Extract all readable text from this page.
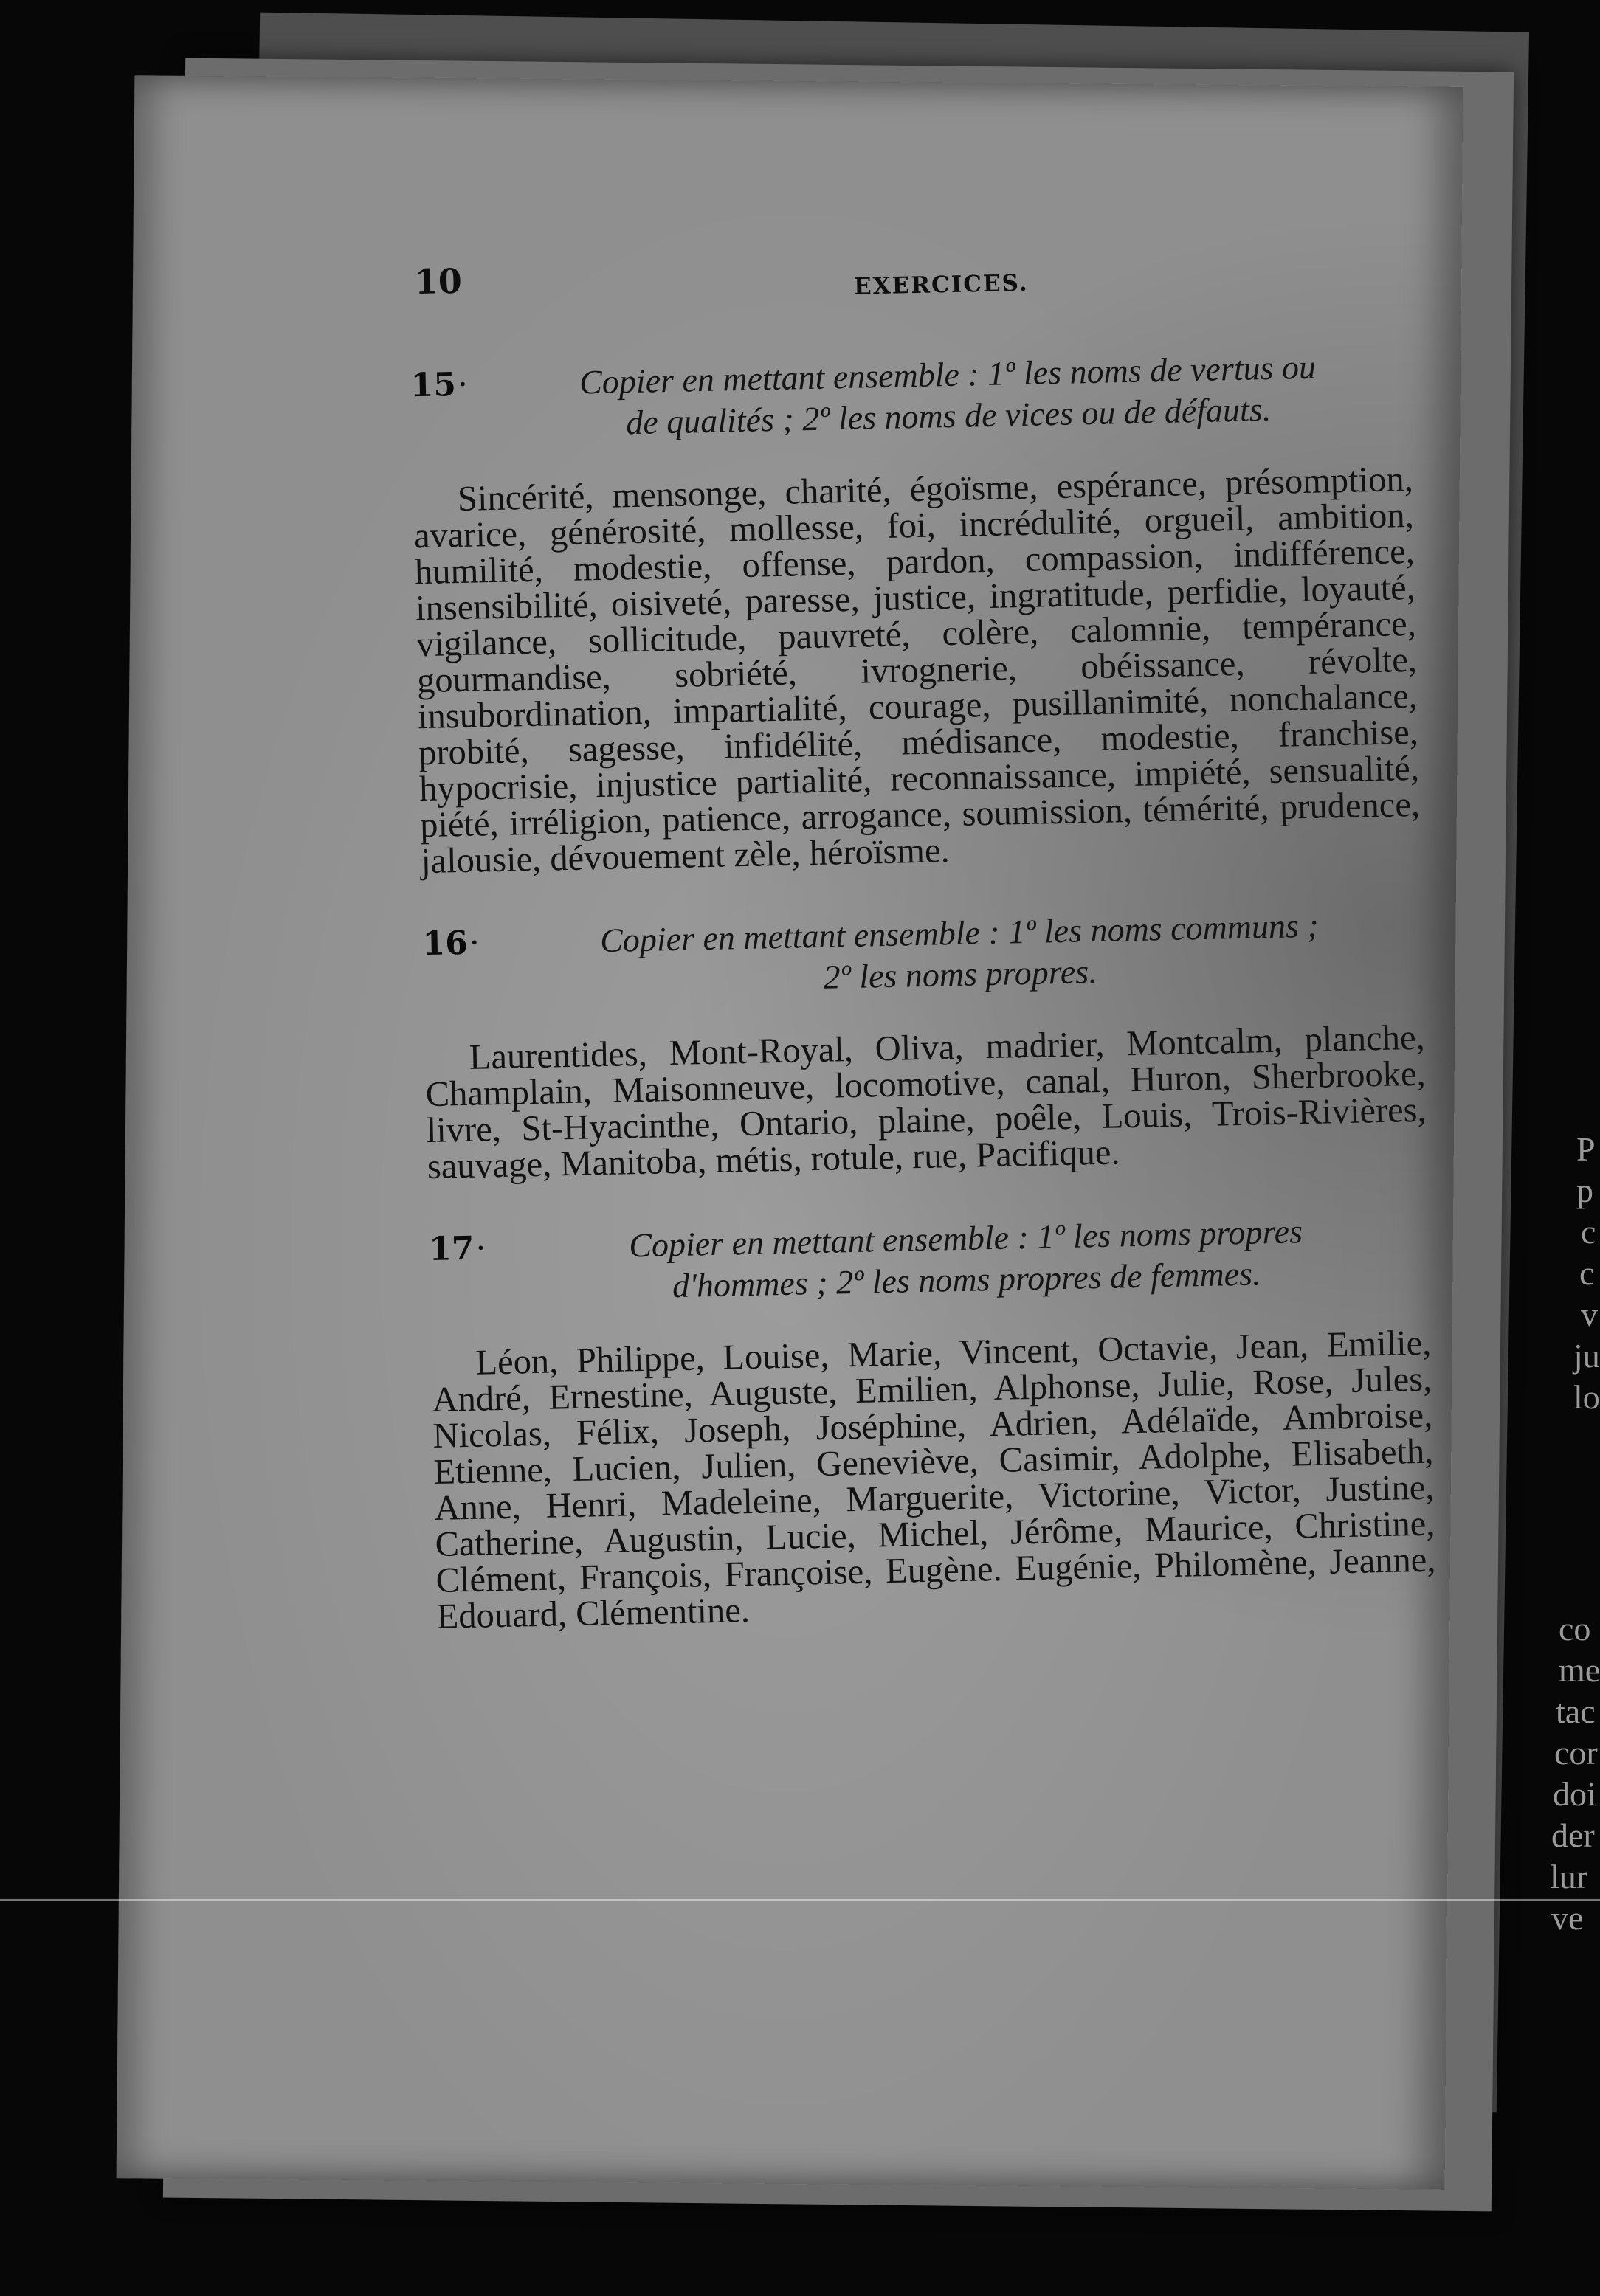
10	EXERCICES.
15 ·	Copier en mettant ensemble : 1º les noms de vertus ou
de qualités ; 2º les noms de vices ou de défauts.

Sincérité, mensonge, charité, égoïsme, espérance, présomption, avarice, générosité, mollesse, foi, incrédulité, orgueil, ambition, humilité, modestie, offense, pardon, compassion, indifférence, insensibilité, oisiveté, paresse, justice, ingratitude, perfidie, loyauté, vigilance, sollicitude, pauvreté, colère, calomnie, tempérance, gourmandise, sobriété, ivrognerie, obéissance, révolte, insubordination, impartialité, courage, pusillanimité, nonchalance, probité, sagesse, infidélité, médisance, modestie, franchise, hypocrisie, injustice partialité, reconnaissance, impiété, sensualité, piété, irréligion, patience, arrogance, soumission, témérité, prudence, jalousie, dévouement zèle, héroïsme.

16 ·	Copier en mettant ensemble : 1º les noms communs ;
2º les noms propres.

Laurentides, Mont-Royal, Oliva, madrier, Montcalm, planche, Champlain, Maisonneuve, locomotive, canal, Huron, Sherbrooke, livre, St-Hyacinthe, Ontario, plaine, poêle, Louis, Trois-Rivières, sauvage, Manitoba, métis, rotule, rue, Pacifique.

17 ·	Copier en mettant ensemble : 1º les noms propres
d'hommes ; 2º les noms propres de femmes.

Léon, Philippe, Louise, Marie, Vincent, Octavie, Jean, Emilie, André, Ernestine, Auguste, Emilien, Alphonse, Julie, Rose, Jules, Nicolas, Félix, Joseph, Joséphine, Adrien, Adélaïde, Ambroise, Etienne, Lucien, Julien, Geneviève, Casimir, Adolphe, Elisabeth, Anne, Henri, Madeleine, Marguerite, Victorine, Victor, Justine, Catherine, Augustin, Lucie, Michel, Jérôme, Maurice, Christine, Clément, François, Françoise, Eugène. Eugénie, Philomène, Jeanne, Edouard, Clémentine.

P
p
c
c
v
ju
lo
co
me
tac
cor
doi
der
lur
ve
